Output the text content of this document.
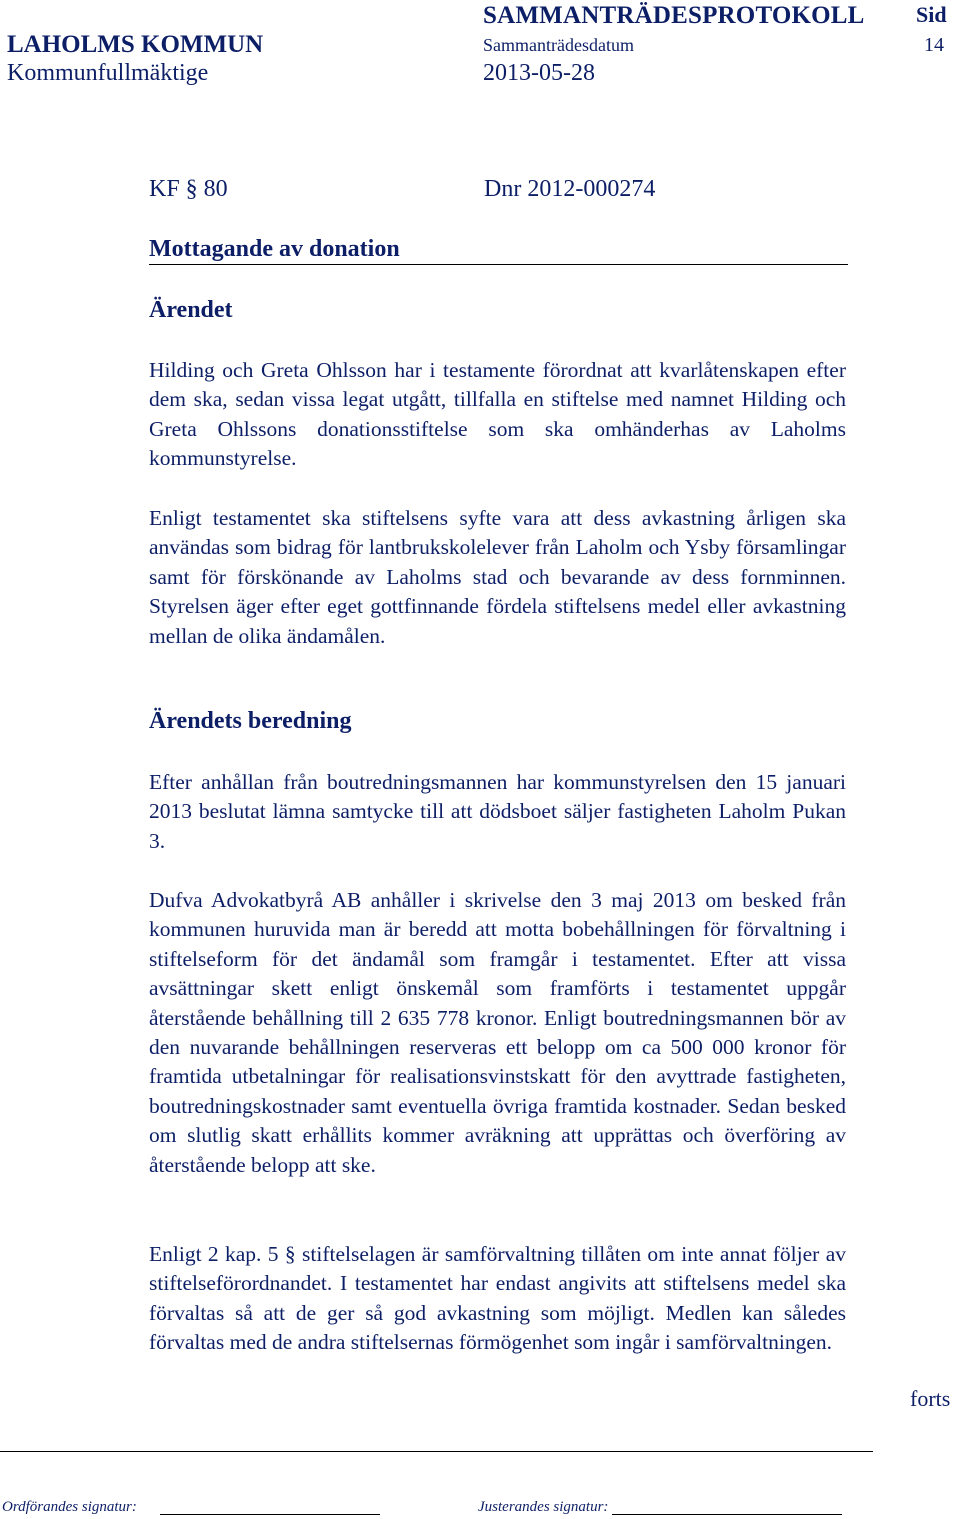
SAMMANTRÄDESPROTOKOLL Sid
LAHOLMS KOMMUN	Sammanträdesdatum	14
Kommunfullmäktige	2013-05-28
KF § 80	Dnr 2012-000274
Mottagande av donation
Ärendet
Hilding och Greta Ohlsson har i testamente förordnat att kvarlåtenskapen efter dem ska, sedan vissa legat utgått, tillfalla en stiftelse med namnet Hilding och Greta Ohlssons donationsstiftelse som ska omhänderhas av Laholms kommunstyrelse.
Enligt testamentet ska stiftelsens syfte vara att dess avkastning årligen ska användas som bidrag för lantbrukskolelever från Laholm och Ysby församlingar samt för förskönande av Laholms stad och bevarande av dess fornminnen. Styrelsen äger efter eget gottfinnande fördela stiftelsens medel eller avkastning mellan de olika ändamålen.
Ärendets beredning
Efter anhållan från boutredningsmannen har kommunstyrelsen den 15 januari 2013 beslutat lämna samtycke till att dödsboet säljer fastigheten Laholm Pukan 3.
Dufva Advokatbyrå AB anhåller i skrivelse den 3 maj 2013 om besked från kommunen huruvida man är beredd att motta bobehållningen för förvaltning i stiftelseform för det ändamål som framgår i testamentet. Efter att vissa avsättningar skett enligt önskemål som framförts i testamentet uppgår återstående behållning till 2 635 778 kronor. Enligt boutredningsmannen bör av den nuvarande behållningen reserveras ett belopp om ca 500 000 kronor för framtida utbetalningar för realisationsvinstskatt för den avyttrade fastigheten, boutredningskostnader samt eventuella övriga framtida kostnader. Sedan besked om slutlig skatt erhållits kommer avräkning att upprättas och överföring av återstående belopp att ske.
Enligt 2 kap. 5 § stiftelselagen är samförvaltning tillåten om inte annat följer av stiftelseförordnandet. I testamentet har endast angivits att stiftelsens medel ska förvaltas så att de ger så god avkastning som möjligt. Medlen kan således förvaltas med de andra stiftelsernas förmögenhet som ingår i samförvaltningen.
forts
Ordförandes signatur:	Justerandes signatur:
